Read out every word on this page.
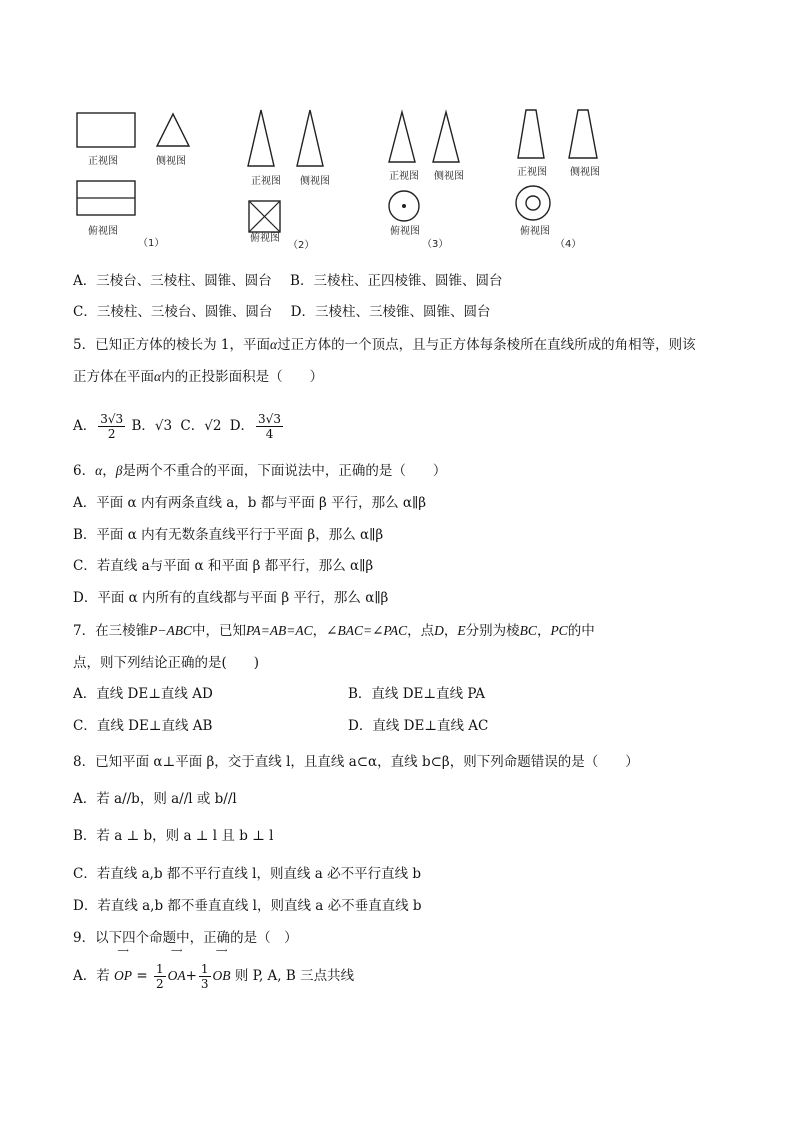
正视图	侧视图
俯视图
（1）
正视图 侧视图
俯视图
（2）
正视图 侧视图
俯视图
（3）
正视图 侧视图
俯视图
（4）
A．三棱台、三棱柱、圆锥、圆台 B．三棱柱、正四棱锥、圆锥、圆台
C．三棱柱、三棱台、圆锥、圆台 D．三棱柱、三棱锥、圆锥、圆台
5．已知正方体的棱长为 1，平面α过正方体的一个顶点，且与正方体每条棱所在直线所成的角相等，则该
正方体在平面α内的正投影面积是（　　）
A． $\frac{3√3}{2}$ B．√3 C．√2 D． $\frac{3√3}{4}$
6．α，β是两个不重合的平面，下面说法中，正确的是（　　）
A．平面 α 内有两条直线 a，b 都与平面 β 平行，那么 α∥β
B．平面 α 内有无数条直线平行于平面 β，那么 α∥β
C．若直线 a与平面 α 和平面 β 都平行，那么 α∥β
D．平面 α 内所有的直线都与平面 β 平行，那么 α∥β
7．在三棱锥P−ABC中，已知PA=AB=AC，∠BAC=∠PAC，点D，E分别为棱BC，PC的中
点，则下列结论正确的是(　　)
A．直线 DE⊥直线 AD	B．直线 DE⊥直线 PA
C．直线 DE⊥直线 AB	D．直线 DE⊥直线 AC
8．已知平面 α⊥平面 β，交于直线 l，且直线 a⊂α，直线 b⊂β，则下列命题错误的是（　　）
A．若 a//b，则 a//l 或 b//l
B．若 a ⊥ b，则 a ⊥ l 且 b ⊥ l
C．若直线 a,b 都不平行直线 l，则直线 a 必不平行直线 b
D．若直线 a,b 都不垂直直线 l，则直线 a 必不垂直直线 b
9．以下四个命题中，正确的是（　）
A．若
⟶
OP = $\frac{1}{2}$
⟶
$OA+ \frac{1}{3}$
⟶
OB 则 P, A, B 三点共线
